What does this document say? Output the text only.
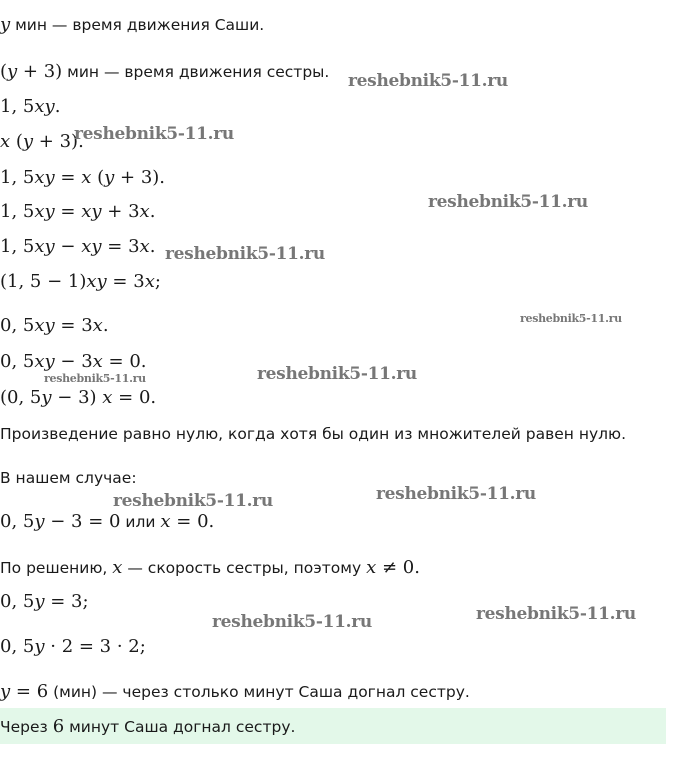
y мин — время движения Саши.
(y + 3) мин — время движения сестры.
1, 5xy.
x (y + 3).
1, 5xy = x (y + 3).
1, 5xy = xy + 3x.
1, 5xy − xy = 3x.
(1, 5 − 1)xy = 3x;
0, 5xy = 3x.
0, 5xy − 3x = 0.
(0, 5y − 3) x = 0.
Произведение равно нулю, когда хотя бы один из множителей равен нулю.
В нашем случае:
0, 5y − 3 = 0 или x = 0.
По решению, x — скорость сестры, поэтому x ≠ 0.
0, 5y = 3;
0, 5y · 2 = 3 · 2;
y = 6 (мин) — через столько минут Саша догнал сестру.
Через 6 минут Саша догнал сестру.
reshebnik5-11.ru
reshebnik5-11.ru
reshebnik5-11.ru
reshebnik5-11.ru
reshebnik5-11.ru
reshebnik5-11.ru	reshebnik5-11.ru
reshebnik5-11.ru
reshebnik5-11.ru
reshebnik5-11.ru
reshebnik5-11.ru
